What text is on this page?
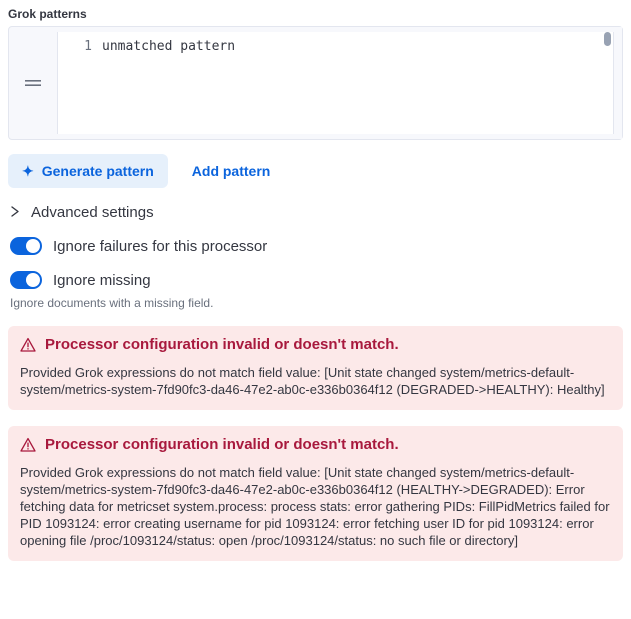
Grok patterns
1 unmatched pattern
✦ Generate pattern	Add pattern
Advanced settings
Ignore failures for this processor
Ignore missing
Ignore documents with a missing field.
Processor configuration invalid or doesn't match.
Provided Grok expressions do not match field value: [Unit state changed system/metrics-default-system/metrics-system-7fd90fc3-da46-47e2-ab0c-e336b0364f12 (DEGRADED->HEALTHY): Healthy]
Processor configuration invalid or doesn't match.
Provided Grok expressions do not match field value: [Unit state changed system/metrics-default-system/metrics-system-7fd90fc3-da46-47e2-ab0c-e336b0364f12 (HEALTHY->DEGRADED): Error fetching data for metricset system.process: process stats: error gathering PIDs: FillPidMetrics failed for PID 1093124: error creating username for pid 1093124: error fetching user ID for pid 1093124: error opening file /proc/1093124/status: open /proc/1093124/status: no such file or directory]
